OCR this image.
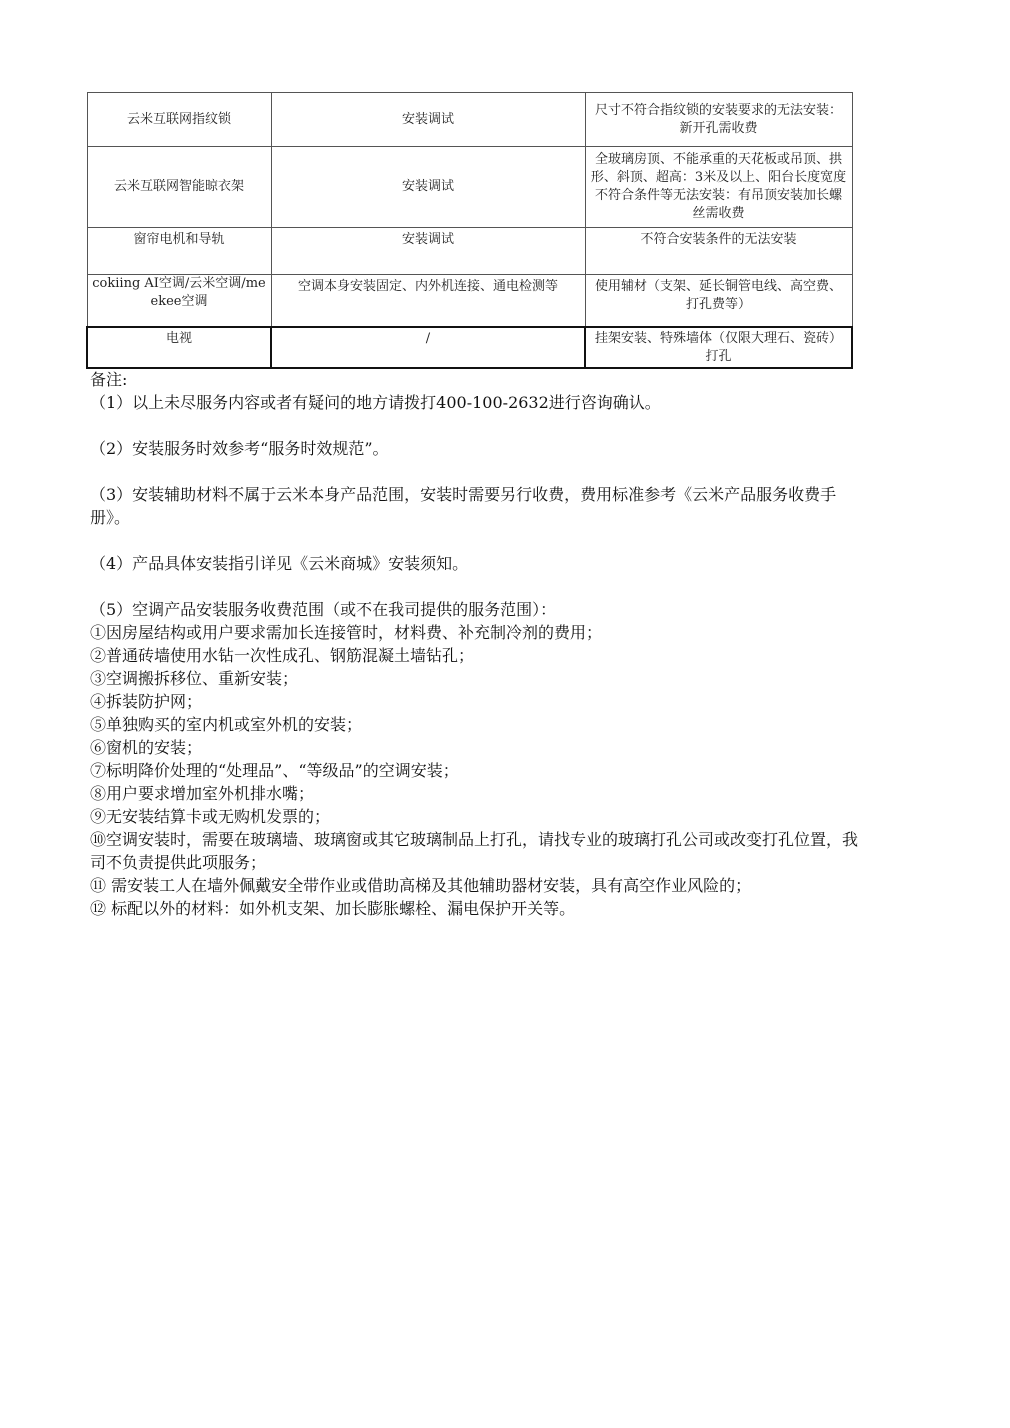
云米互联网指纹锁	安装调试	尺寸不符合指纹锁的安装要求的无法安装：新开孔需收费
云米互联网智能晾衣架	安装调试	全玻璃房顶、不能承重的天花板或吊顶、拱形、斜顶、超高：3米及以上、阳台长度宽度不符合条件等无法安装：有吊顶安装加长螺丝需收费
窗帘电机和导轨	安装调试	不符合安装条件的无法安装
cokiing AI空调/云米空调/meekee空调	空调本身安装固定、内外机连接、通电检测等	使用辅材（支架、延长铜管电线、高空费、打孔费等）
电视	/	挂架安装、特殊墙体（仅限大理石、瓷砖）打孔

备注:

（1）以上未尽服务内容或者有疑问的地方请拨打400-100-2632进行咨询确认。

（2）安装服务时效参考“服务时效规范”。

（3）安装辅助材料不属于云米本身产品范围，安装时需要另行收费，费用标准参考《云米产品服务收费手册》。

（4）产品具体安装指引详见《云米商城》安装须知。

（5）空调产品安装服务收费范围（或不在我司提供的服务范围）：

①因房屋结构或用户要求需加长连接管时，材料费、补充制冷剂的费用；

②普通砖墙使用水钻一次性成孔、钢筋混凝土墙钻孔；

③空调搬拆移位、重新安装；

④拆装防护网；

⑤单独购买的室内机或室外机的安装；

⑥窗机的安装；

⑦标明降价处理的“处理品”、“等级品”的空调安装；

⑧用户要求增加室外机排水嘴；

⑨无安装结算卡或无购机发票的；

⑩空调安装时，需要在玻璃墙、玻璃窗或其它玻璃制品上打孔，请找专业的玻璃打孔公司或改变打孔位置，我司不负责提供此项服务；

⑪ 需安装工人在墙外佩戴安全带作业或借助高梯及其他辅助器材安装，具有高空作业风险的；

⑫ 标配以外的材料：如外机支架、加长膨胀螺栓、漏电保护开关等。
